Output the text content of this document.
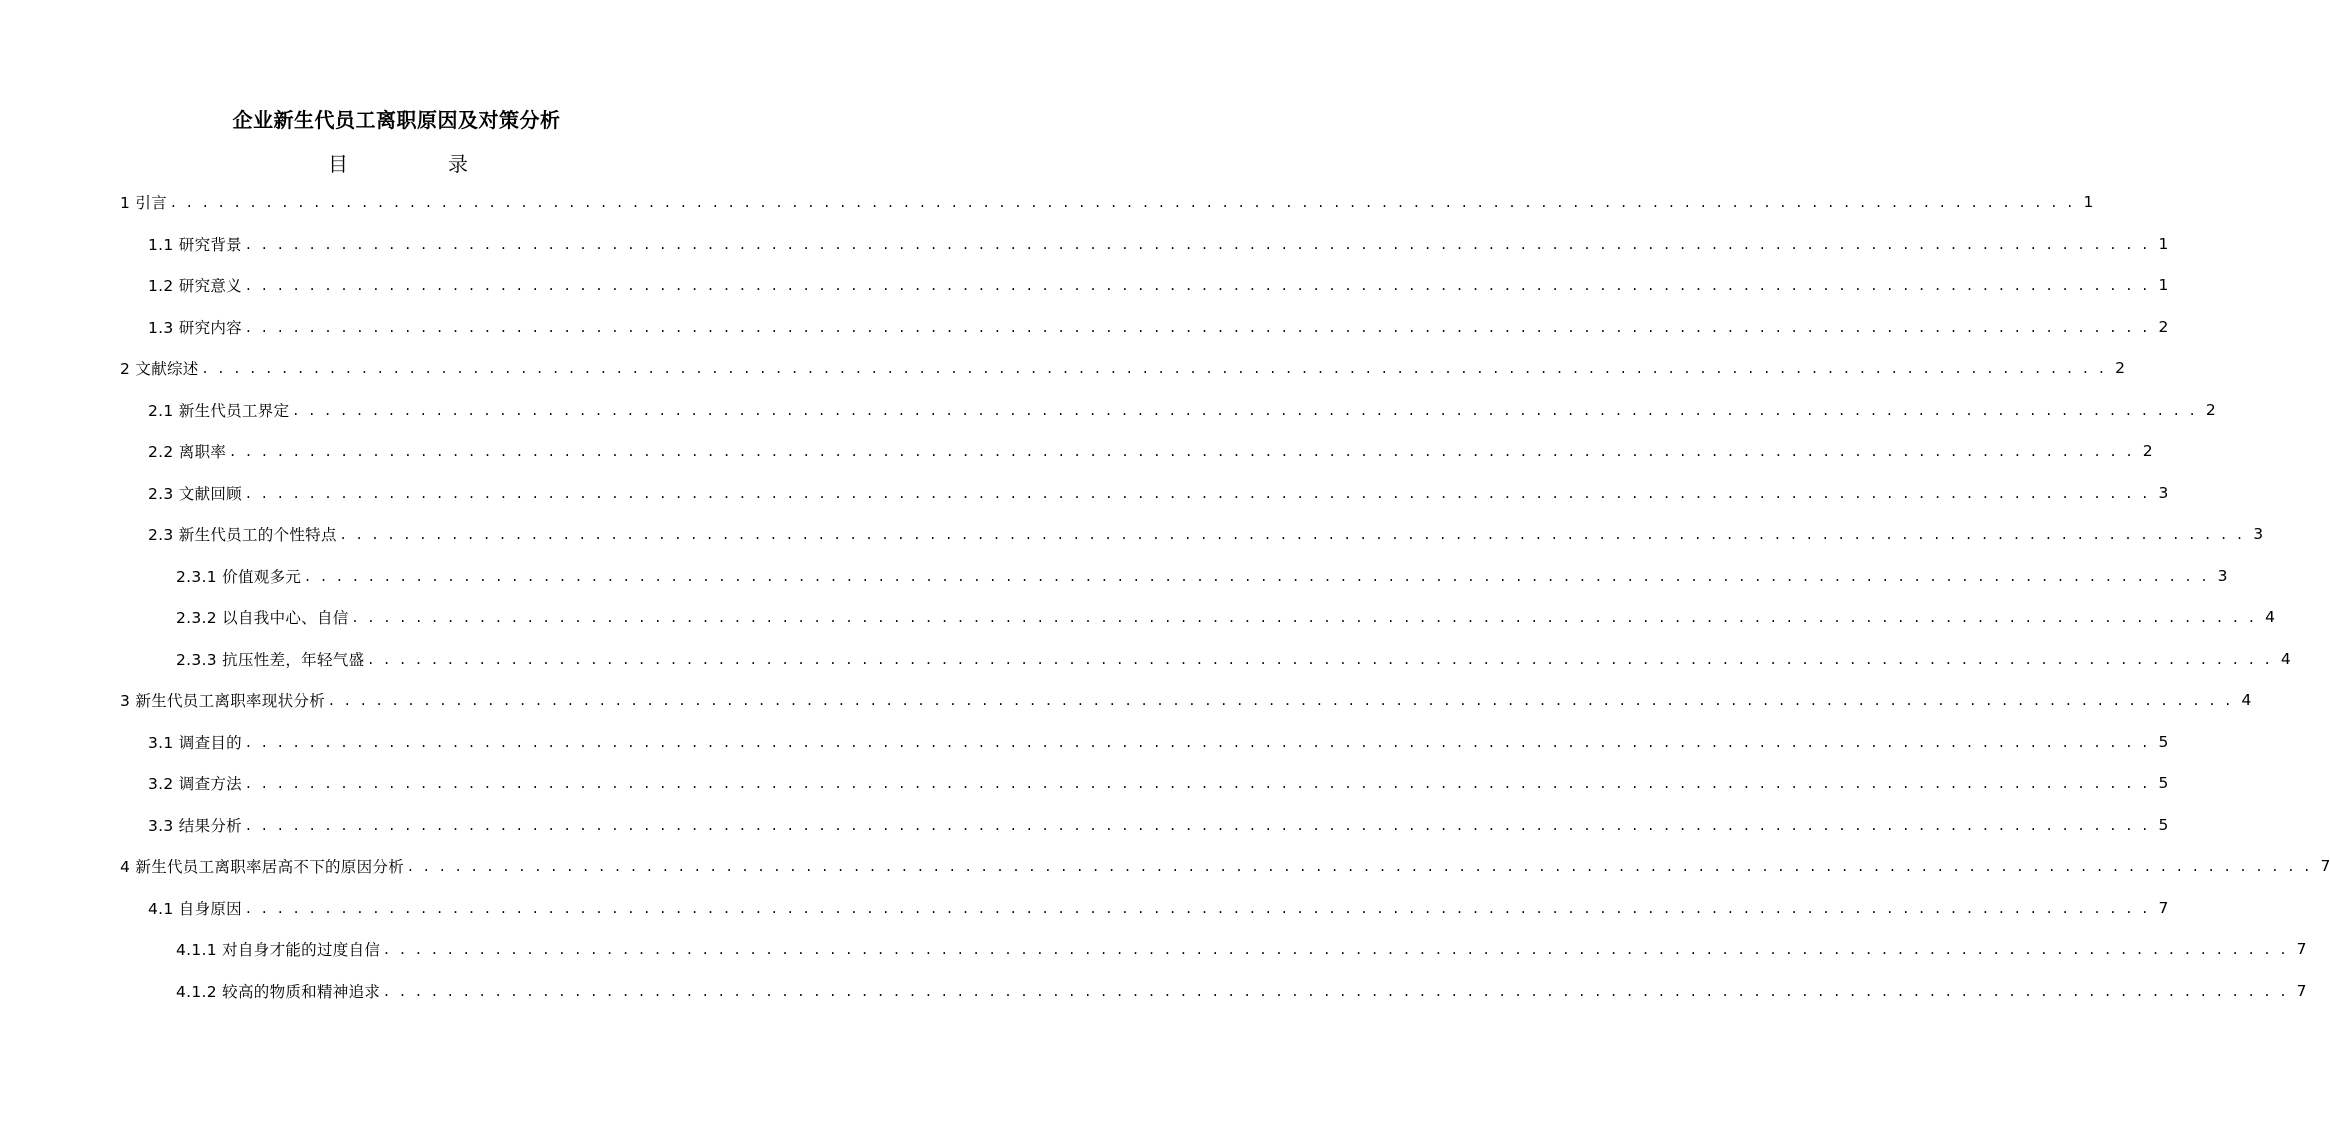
企业新生代员工离职原因及对策分析
目	录
1 引言 . . . . . . . . . . . . . . . . . . . . . . . . . . . . . . . . . . . . . . . . . . . . . . . . . . . . . . . . . . . . . . . . . . . . . . . . . . . . . . . . . . . . . . . . . . . . . . . . . . . . . . . . . . . . . . . . . . . . . . . . 1
1.1 研究背景 . . . . . . . . . . . . . . . . . . . . . . . . . . . . . . . . . . . . . . . . . . . . . . . . . . . . . . . . . . . . . . . . . . . . . . . . . . . . . . . . . . . . . . . . . . . . . . . . . . . . . . . . . . . . . . . . . . . . . . . . 1
1.2 研究意义 . . . . . . . . . . . . . . . . . . . . . . . . . . . . . . . . . . . . . . . . . . . . . . . . . . . . . . . . . . . . . . . . . . . . . . . . . . . . . . . . . . . . . . . . . . . . . . . . . . . . . . . . . . . . . . . . . . . . . . . . 1
1.3 研究内容 . . . . . . . . . . . . . . . . . . . . . . . . . . . . . . . . . . . . . . . . . . . . . . . . . . . . . . . . . . . . . . . . . . . . . . . . . . . . . . . . . . . . . . . . . . . . . . . . . . . . . . . . . . . . . . . . . . . . . . . . 2
2 文献综述 . . . . . . . . . . . . . . . . . . . . . . . . . . . . . . . . . . . . . . . . . . . . . . . . . . . . . . . . . . . . . . . . . . . . . . . . . . . . . . . . . . . . . . . . . . . . . . . . . . . . . . . . . . . . . . . . . . . . . . . . 2
2.1 新生代员工界定 . . . . . . . . . . . . . . . . . . . . . . . . . . . . . . . . . . . . . . . . . . . . . . . . . . . . . . . . . . . . . . . . . . . . . . . . . . . . . . . . . . . . . . . . . . . . . . . . . . . . . . . . . . . . . . . . . . . . . . . . 2
2.2 离职率 . . . . . . . . . . . . . . . . . . . . . . . . . . . . . . . . . . . . . . . . . . . . . . . . . . . . . . . . . . . . . . . . . . . . . . . . . . . . . . . . . . . . . . . . . . . . . . . . . . . . . . . . . . . . . . . . . . . . . . . . 2
2.3 文献回顾 . . . . . . . . . . . . . . . . . . . . . . . . . . . . . . . . . . . . . . . . . . . . . . . . . . . . . . . . . . . . . . . . . . . . . . . . . . . . . . . . . . . . . . . . . . . . . . . . . . . . . . . . . . . . . . . . . . . . . . . . 3
2.3 新生代员工的个性特点 . . . . . . . . . . . . . . . . . . . . . . . . . . . . . . . . . . . . . . . . . . . . . . . . . . . . . . . . . . . . . . . . . . . . . . . . . . . . . . . . . . . . . . . . . . . . . . . . . . . . . . . . . . . . . . . . . . . . . . . . 3
2.3.1 价值观多元 . . . . . . . . . . . . . . . . . . . . . . . . . . . . . . . . . . . . . . . . . . . . . . . . . . . . . . . . . . . . . . . . . . . . . . . . . . . . . . . . . . . . . . . . . . . . . . . . . . . . . . . . . . . . . . . . . . . . . . . . 3
2.3.2 以自我中心、自信 . . . . . . . . . . . . . . . . . . . . . . . . . . . . . . . . . . . . . . . . . . . . . . . . . . . . . . . . . . . . . . . . . . . . . . . . . . . . . . . . . . . . . . . . . . . . . . . . . . . . . . . . . . . . . . . . . . . . . . . . 4
2.3.3 抗压性差，年轻气盛 . . . . . . . . . . . . . . . . . . . . . . . . . . . . . . . . . . . . . . . . . . . . . . . . . . . . . . . . . . . . . . . . . . . . . . . . . . . . . . . . . . . . . . . . . . . . . . . . . . . . . . . . . . . . . . . . . . . . . . . . 4
3 新生代员工离职率现状分析 . . . . . . . . . . . . . . . . . . . . . . . . . . . . . . . . . . . . . . . . . . . . . . . . . . . . . . . . . . . . . . . . . . . . . . . . . . . . . . . . . . . . . . . . . . . . . . . . . . . . . . . . . . . . . . . . . . . . . . . . 4
3.1 调查目的 . . . . . . . . . . . . . . . . . . . . . . . . . . . . . . . . . . . . . . . . . . . . . . . . . . . . . . . . . . . . . . . . . . . . . . . . . . . . . . . . . . . . . . . . . . . . . . . . . . . . . . . . . . . . . . . . . . . . . . . . 5
3.2 调查方法 . . . . . . . . . . . . . . . . . . . . . . . . . . . . . . . . . . . . . . . . . . . . . . . . . . . . . . . . . . . . . . . . . . . . . . . . . . . . . . . . . . . . . . . . . . . . . . . . . . . . . . . . . . . . . . . . . . . . . . . . 5
3.3 结果分析 . . . . . . . . . . . . . . . . . . . . . . . . . . . . . . . . . . . . . . . . . . . . . . . . . . . . . . . . . . . . . . . . . . . . . . . . . . . . . . . . . . . . . . . . . . . . . . . . . . . . . . . . . . . . . . . . . . . . . . . . 5
4 新生代员工离职率居高不下的原因分析 . . . . . . . . . . . . . . . . . . . . . . . . . . . . . . . . . . . . . . . . . . . . . . . . . . . . . . . . . . . . . . . . . . . . . . . . . . . . . . . . . . . . . . . . . . . . . . . . . . . . . . . . . . . . . . . . . . . . . . . . 7
4.1 自身原因 . . . . . . . . . . . . . . . . . . . . . . . . . . . . . . . . . . . . . . . . . . . . . . . . . . . . . . . . . . . . . . . . . . . . . . . . . . . . . . . . . . . . . . . . . . . . . . . . . . . . . . . . . . . . . . . . . . . . . . . . 7
4.1.1 对自身才能的过度自信 . . . . . . . . . . . . . . . . . . . . . . . . . . . . . . . . . . . . . . . . . . . . . . . . . . . . . . . . . . . . . . . . . . . . . . . . . . . . . . . . . . . . . . . . . . . . . . . . . . . . . . . . . . . . . . . . . . . . . . . . 7
4.1.2 较高的物质和精神追求 . . . . . . . . . . . . . . . . . . . . . . . . . . . . . . . . . . . . . . . . . . . . . . . . . . . . . . . . . . . . . . . . . . . . . . . . . . . . . . . . . . . . . . . . . . . . . . . . . . . . . . . . . . . . . . . . . . . . . . . . 7
